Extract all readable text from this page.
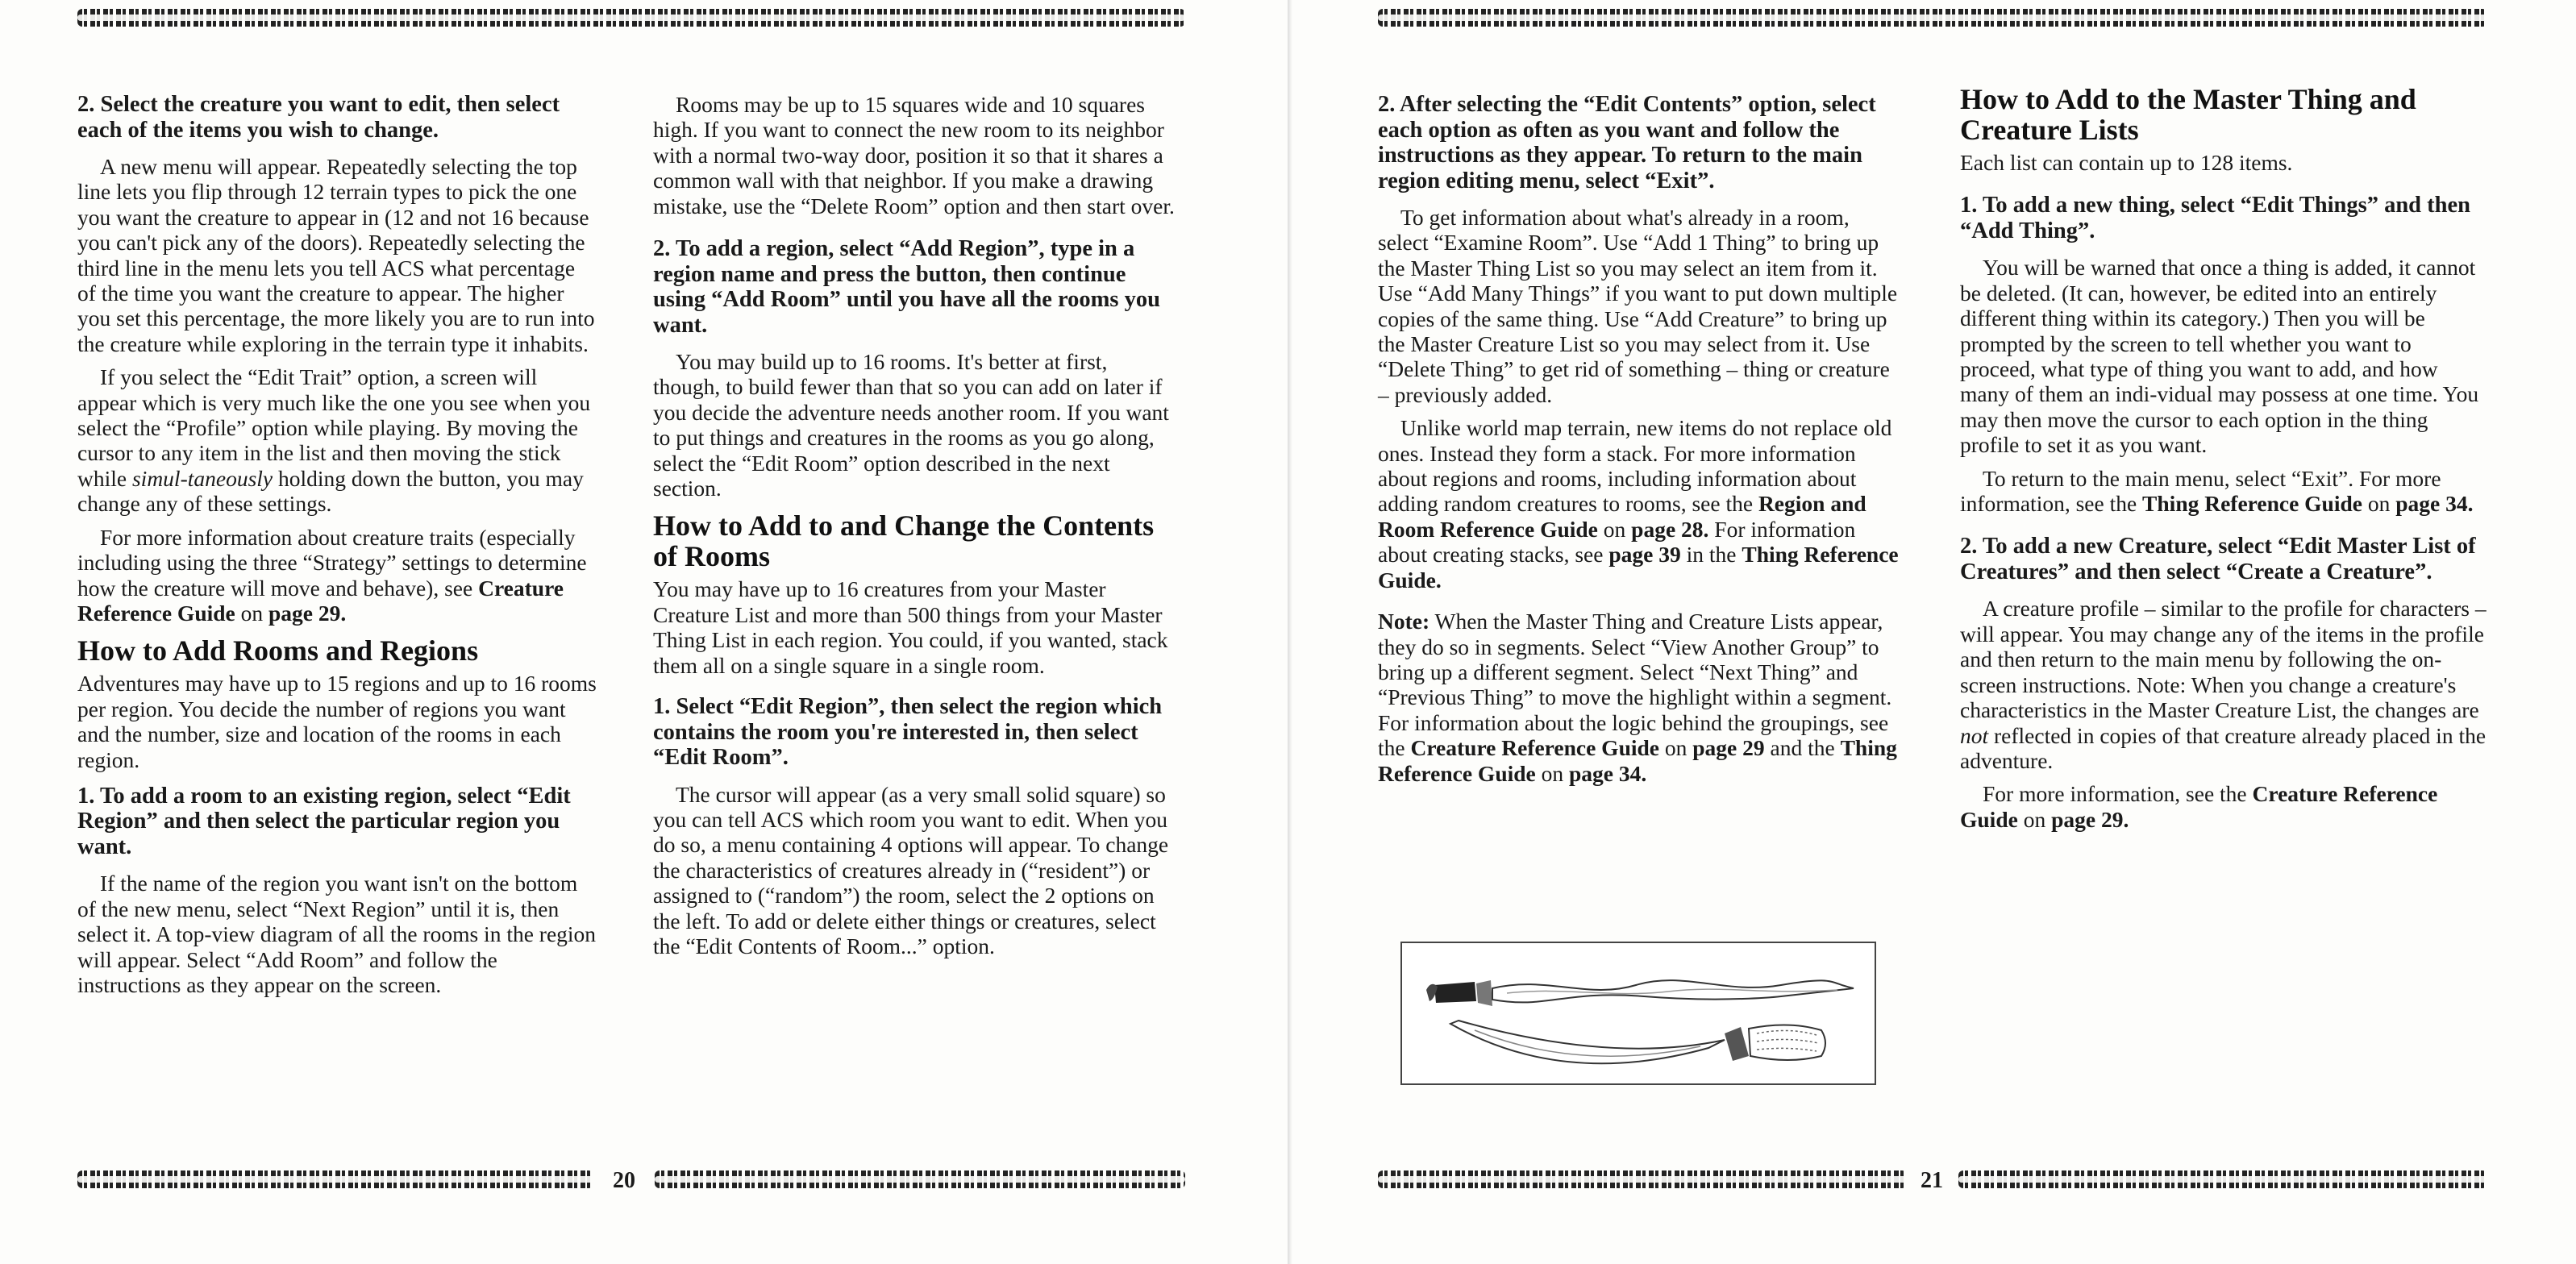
2. Select the creature you want to edit, then select each of the items you wish to change.

A new menu will appear. Repeatedly selecting the top line lets you flip through 12 terrain types to pick the one you want the creature to appear in (12 and not 16 because you can't pick any of the doors). Repeatedly selecting the third line in the menu lets you tell ACS what percentage of the time you want the creature to appear. The higher you set this percentage, the more likely you are to run into the creature while exploring in the terrain type it inhabits.

If you select the “Edit Trait” option, a screen will appear which is very much like the one you see when you select the “Profile” option while playing. By moving the cursor to any item in the list and then moving the stick while simul-taneously holding down the button, you may change any of these settings.

For more information about creature traits (especially including using the three “Strategy” settings to determine how the creature will move and behave), see Creature Reference Guide on page 29.

How to Add Rooms and Regions

Adventures may have up to 15 regions and up to 16 rooms per region. You decide the number of regions you want and the number, size and location of the rooms in each region.

1. To add a room to an existing region, select “Edit Region” and then select the particular region you want.

If the name of the region you want isn't on the bottom of the new menu, select “Next Region” until it is, then select it. A top-view diagram of all the rooms in the region will appear. Select “Add Room” and follow the instructions as they appear on the screen.

Rooms may be up to 15 squares wide and 10 squares high. If you want to connect the new room to its neighbor with a normal two-way door, position it so that it shares a common wall with that neighbor. If you make a drawing mistake, use the “Delete Room” option and then start over.

2. To add a region, select “Add Region”, type in a region name and press the button, then continue using “Add Room” until you have all the rooms you want.

You may build up to 16 rooms. It's better at first, though, to build fewer than that so you can add on later if you decide the adventure needs another room. If you want to put things and creatures in the rooms as you go along, select the “Edit Room” option described in the next section.

How to Add to and Change the Contents of Rooms

You may have up to 16 creatures from your Master Creature List and more than 500 things from your Master Thing List in each region. You could, if you wanted, stack them all on a single square in a single room.

1. Select “Edit Region”, then select the region which contains the room you're interested in, then select “Edit Room”.

The cursor will appear (as a very small solid square) so you can tell ACS which room you want to edit. When you do so, a menu containing 4 options will appear. To change the characteristics of creatures already in (“resident”) or assigned to (“random”) the room, select the 2 options on the left. To add or delete either things or creatures, select the “Edit Contents of Room...” option.

20
2. After selecting the “Edit Contents” option, select each option as often as you want and follow the instructions as they appear. To return to the main region editing menu, select “Exit”.

To get information about what's already in a room, select “Examine Room”. Use “Add 1 Thing” to bring up the Master Thing List so you may select an item from it. Use “Add Many Things” if you want to put down multiple copies of the same thing. Use “Add Creature” to bring up the Master Creature List so you may select from it. Use “Delete Thing” to get rid of something – thing or creature – previously added.

Unlike world map terrain, new items do not replace old ones. Instead they form a stack. For more information about regions and rooms, including information about adding random creatures to rooms, see the Region and Room Reference Guide on page 28. For information about creating stacks, see page 39 in the Thing Reference Guide.

Note: When the Master Thing and Creature Lists appear, they do so in segments. Select “View Another Group” to bring up a different segment. Select “Next Thing” and “Previous Thing” to move the highlight within a segment. For information about the logic behind the groupings, see the Creature Reference Guide on page 29 and the Thing Reference Guide on page 34.

How to Add to the Master Thing and Creature Lists

Each list can contain up to 128 items.

1. To add a new thing, select “Edit Things” and then “Add Thing”.

You will be warned that once a thing is added, it cannot be deleted. (It can, however, be edited into an entirely different thing within its category.) Then you will be prompted by the screen to tell whether you want to proceed, what type of thing you want to add, and how many of them an indi-vidual may possess at one time. You may then move the cursor to each option in the thing profile to set it as you want.

To return to the main menu, select “Exit”. For more information, see the Thing Reference Guide on page 34.

2. To add a new Creature, select “Edit Master List of Creatures” and then select “Create a Creature”.

A creature profile – similar to the profile for characters – will appear. You may change any of the items in the profile and then return to the main menu by following the on-screen instructions. Note: When you change a creature's characteristics in the Master Creature List, the changes are not reflected in copies of that creature already placed in the adventure.

For more information, see the Creature Reference Guide on page 29.

21
